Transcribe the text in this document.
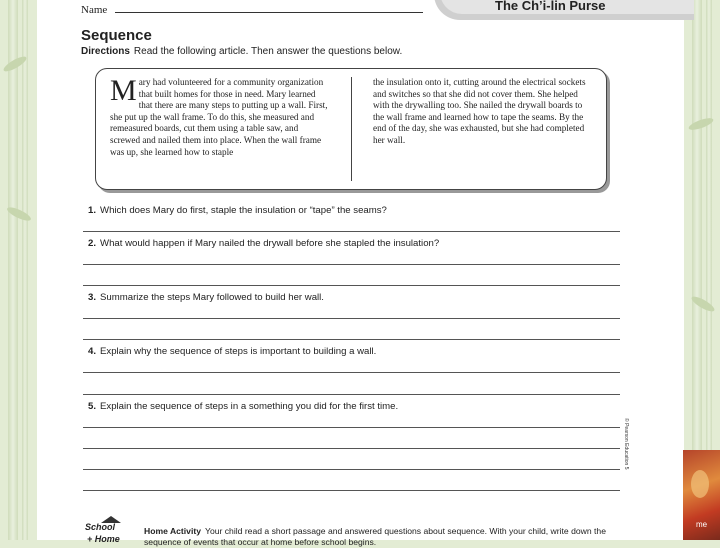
Name	The Ch’i-lin Purse
Sequence
Directions Read the following article. Then answer the questions below.
Mary had volunteered for a community organization that built homes for those in need. Mary learned that there are many steps to putting up a wall. First, she put up the wall frame. To do this, she measured and remeasured boards, cut them using a table saw, and screwed and nailed them into place. When the wall frame was up, she learned how to staple
the insulation onto it, cutting around the electrical sockets and switches so that she did not cover them. She helped with the drywalling too. She nailed the drywall boards to the wall frame and learned how to tape the seams. By the end of the day, she was exhausted, but she had completed her wall.
1. Which does Mary do first, staple the insulation or “tape” the seams?
2. What would happen if Mary nailed the drywall before she stapled the insulation?
3. Summarize the steps Mary followed to build her wall.
4. Explain why the sequence of steps is important to building a wall.
5. Explain the sequence of steps in a something you did for the first time.
© Pearson Education 5
School
+ Home
Home Activity Your child read a short passage and answered questions about sequence. With your child, write down the sequence of events that occur at home before school begins.
me
